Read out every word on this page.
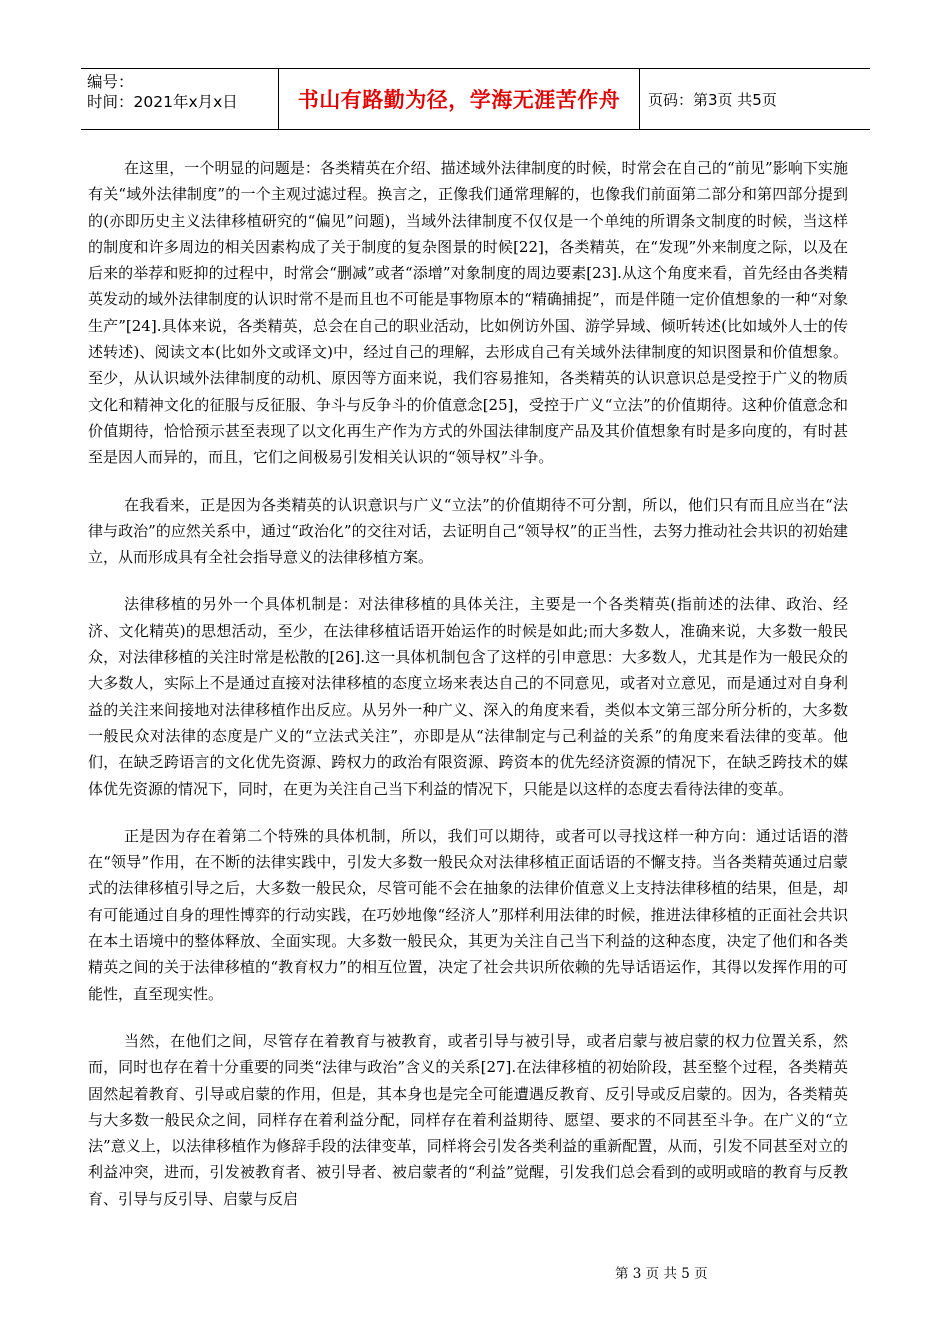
编号：
时间：2021年x月x日	书山有路勤为径，学海无涯苦作舟	页码：第3页 共5页

在这里，一个明显的问题是：各类精英在介绍、描述域外法律制度的时候，时常会在自己的“前见”影响下实施有关“域外法律制度”的一个主观过滤过程。换言之，正像我们通常理解的，也像我们前面第二部分和第四部分提到的(亦即历史主义法律移植研究的“偏见”问题)，当域外法律制度不仅仅是一个单纯的所谓条文制度的时候，当这样的制度和许多周边的相关因素构成了关于制度的复杂图景的时候[22]，各类精英，在“发现”外来制度之际，以及在后来的举荐和贬抑的过程中，时常会“删减”或者“添增”对象制度的周边要素[23].从这个角度来看，首先经由各类精英发动的域外法律制度的认识时常不是而且也不可能是事物原本的“精确捕捉”，而是伴随一定价值想象的一种“对象生产”[24].具体来说，各类精英，总会在自己的职业活动，比如例访外国、游学异域、倾听转述(比如域外人士的传述转述)、阅读文本(比如外文或译文)中，经过自己的理解，去形成自己有关域外法律制度的知识图景和价值想象。至少，从认识域外法律制度的动机、原因等方面来说，我们容易推知，各类精英的认识意识总是受控于广义的物质文化和精神文化的征服与反征服、争斗与反争斗的价值意念[25]，受控于广义“立法”的价值期待。这种价值意念和价值期待，恰恰预示甚至表现了以文化再生产作为方式的外国法律制度产品及其价值想象有时是多向度的，有时甚至是因人而异的，而且，它们之间极易引发相关认识的“领导权”斗争。

在我看来，正是因为各类精英的认识意识与广义“立法”的价值期待不可分割，所以，他们只有而且应当在“法律与政治”的应然关系中，通过“政治化”的交往对话，去证明自己“领导权”的正当性，去努力推动社会共识的初始建立，从而形成具有全社会指导意义的法律移植方案。

法律移植的另外一个具体机制是：对法律移植的具体关注，主要是一个各类精英(指前述的法律、政治、经济、文化精英)的思想活动，至少，在法律移植话语开始运作的时候是如此;而大多数人，准确来说，大多数一般民众，对法律移植的关注时常是松散的[26].这一具体机制包含了这样的引申意思：大多数人，尤其是作为一般民众的大多数人，实际上不是通过直接对法律移植的态度立场来表达自己的不同意见，或者对立意见，而是通过对自身利益的关注来间接地对法律移植作出反应。从另外一种广义、深入的角度来看，类似本文第三部分所分析的，大多数一般民众对法律的态度是广义的“立法式关注”，亦即是从“法律制定与己利益的关系”的角度来看法律的变革。他们，在缺乏跨语言的文化优先资源、跨权力的政治有限资源、跨资本的优先经济资源的情况下，在缺乏跨技术的媒体优先资源的情况下，同时，在更为关注自己当下利益的情况下，只能是以这样的态度去看待法律的变革。

正是因为存在着第二个特殊的具体机制，所以，我们可以期待，或者可以寻找这样一种方向：通过话语的潜在“领导”作用，在不断的法律实践中，引发大多数一般民众对法律移植正面话语的不懈支持。当各类精英通过启蒙式的法律移植引导之后，大多数一般民众，尽管可能不会在抽象的法律价值意义上支持法律移植的结果，但是，却有可能通过自身的理性博弈的行动实践，在巧妙地像“经济人”那样利用法律的时候，推进法律移植的正面社会共识在本土语境中的整体释放、全面实现。大多数一般民众，其更为关注自己当下利益的这种态度，决定了他们和各类精英之间的关于法律移植的“教育权力”的相互位置，决定了社会共识所依赖的先导话语运作，其得以发挥作用的可能性，直至现实性。

当然，在他们之间，尽管存在着教育与被教育，或者引导与被引导，或者启蒙与被启蒙的权力位置关系，然而，同时也存在着十分重要的同类“法律与政治”含义的关系[27].在法律移植的初始阶段，甚至整个过程，各类精英固然起着教育、引导或启蒙的作用，但是，其本身也是完全可能遭遇反教育、反引导或反启蒙的。因为，各类精英与大多数一般民众之间，同样存在着利益分配，同样存在着利益期待、愿望、要求的不同甚至斗争。在广义的“立法”意义上，以法律移植作为修辞手段的法律变革，同样将会引发各类利益的重新配置，从而，引发不同甚至对立的利益冲突，进而，引发被教育者、被引导者、被启蒙者的“利益”觉醒，引发我们总会看到的或明或暗的教育与反教育、引导与反引导、启蒙与反启

第 3 页 共 5 页
